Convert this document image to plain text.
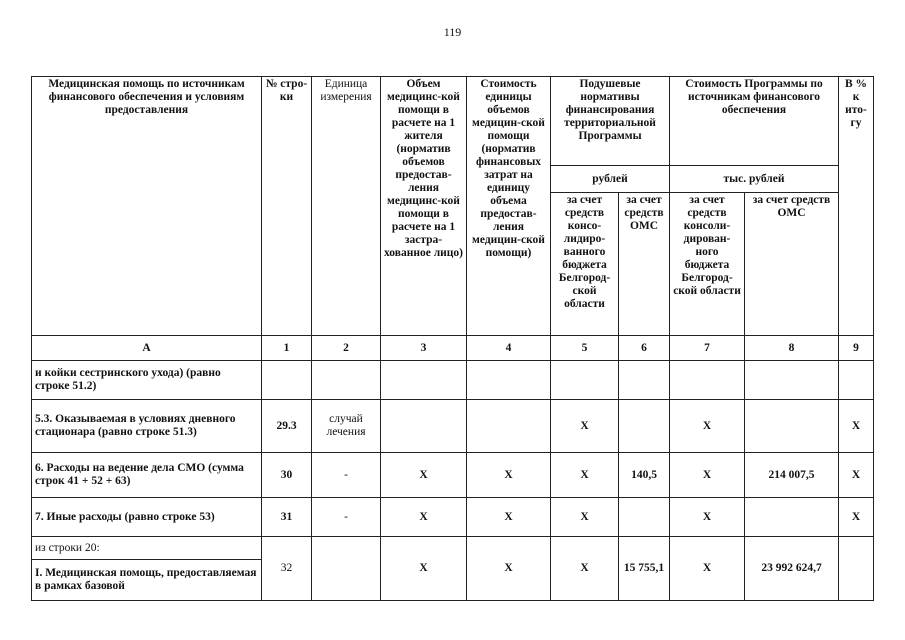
119
Медицинская помощь по источникам финансового обеспечения и условиям предоставления	№ стро-ки	Единица измерения	Объем медицинс-кой помощи в расчете на 1 жителя (норматив объемов предостав-ления медицинс-кой помощи в расчете на 1 застра-хованное лицо)	Стоимость единицы объемов медицин-ской помощи (норматив финансовых затрат на единицу объема предостав-ления медицин-ской помощи)	Подушевые нормативы финансирования территориальной Программы		Стоимость Программы по источникам финансового обеспечения		В % к ито-гу
					рублей		тыс. рублей		
					за счет средств консо-лидиро-ванного бюджета Белгород-ской области	за счет средств ОМС	за счет средств консоли-дирован-ного бюджета Белгород-ской области	за счет средств ОМС	
А	1	2	3	4	5	6	7	8	9
и койки сестринского ухода) (равно строке 51.2)									
5.3. Оказываемая в условиях дневного стационара (равно строке 51.3)	29.3	случай лечения			X		X		X
6. Расходы на ведение дела СМО (сумма строк 41 + 52 + 63)	30	-	X	X	X	140,5	X	214 007,5	X
7. Иные расходы (равно строке 53)	31	-	X	X	X		X		X
из строки 20:	32		X	X	X	15 755,1	X	23 992 624,7	
I. Медицинская помощь, предоставляемая в рамках базовой									
